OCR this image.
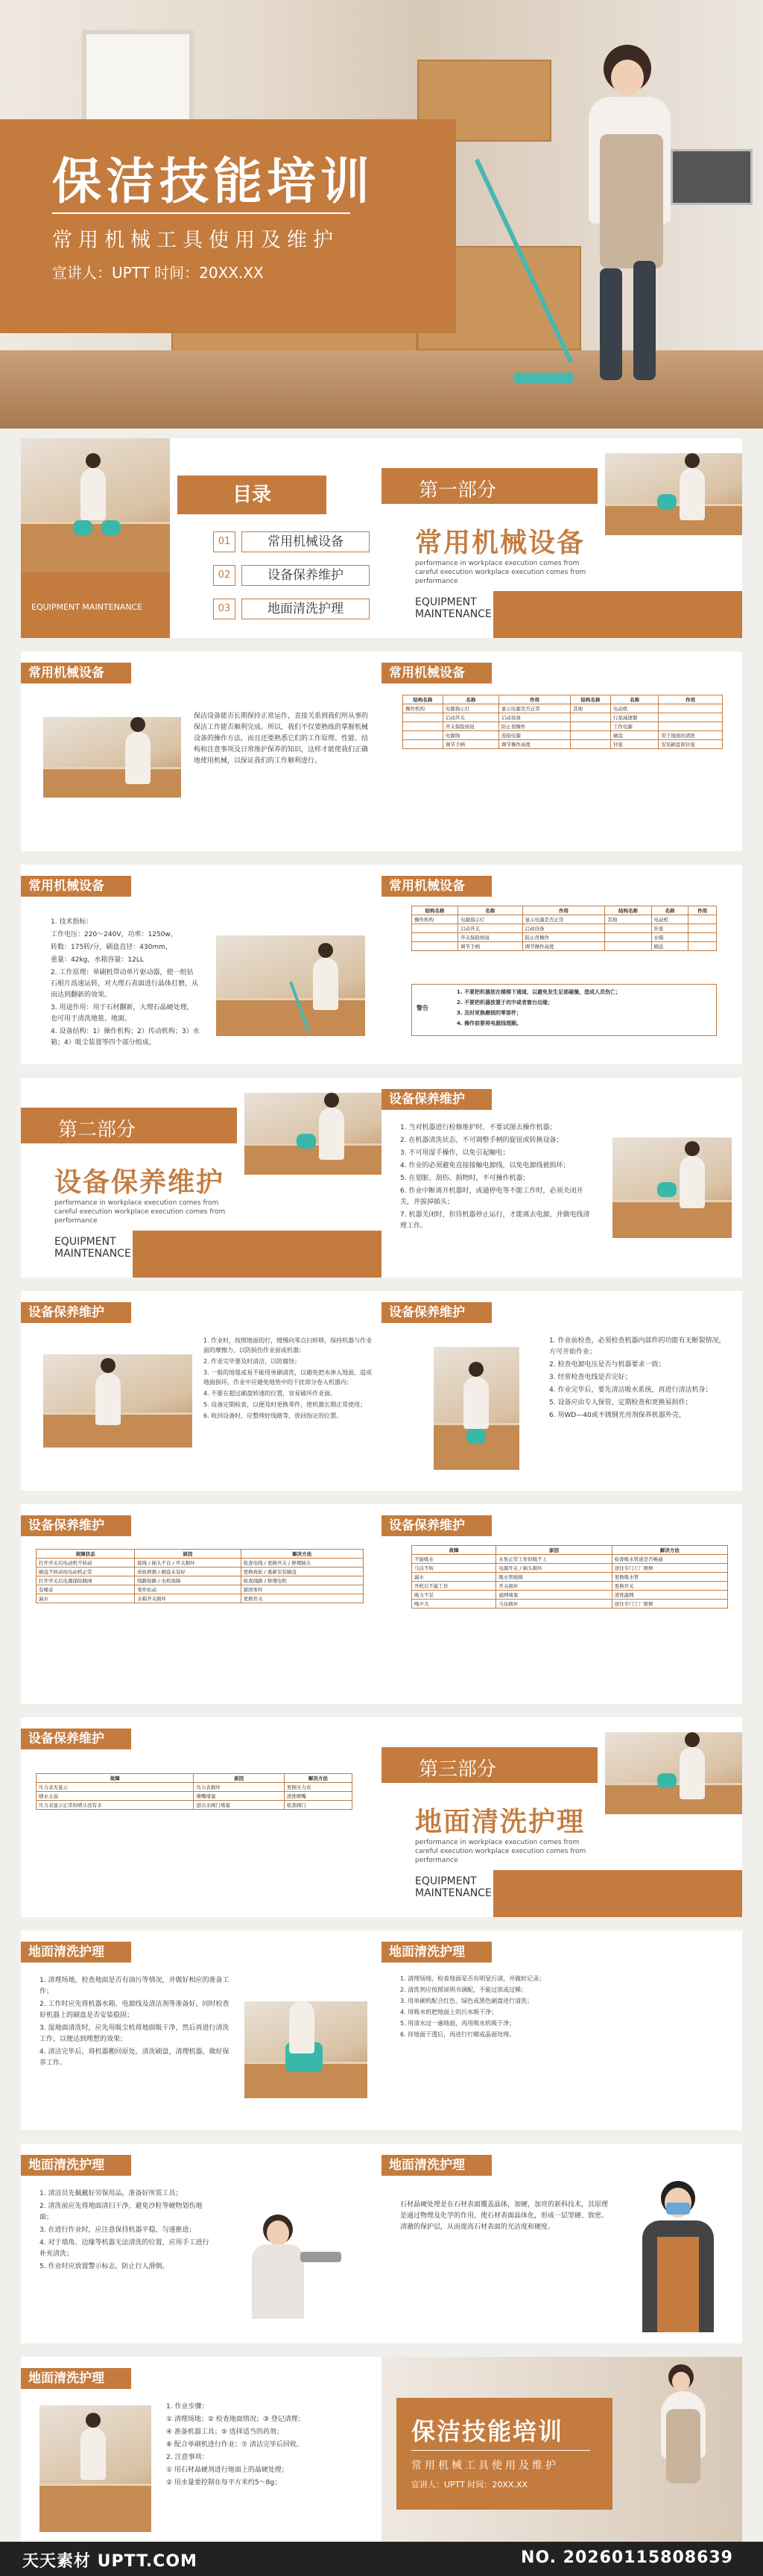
保洁技能培训
常用机械工具使用及维护
宣讲人：UPTT 时间：20XX.XX
EQUIPMENT MAINTENANCE
目录
01	常用机械设备
02	设备保养维护
03	地面清洗护理
第一部分
常用机械设备
performance in workplace execution comes from careful execution workplace execution comes from performance
EQUIPMENT
MAINTENANCE
常用机械设备
保洁设备能否长期保持正常运作，直接关系到我们所从事的保洁工作能否顺利完成。所以，我们不仅要熟练的掌握机械设备的操作方法，而且还要熟悉它们的工作原理、性能、结构和注意事项及日常维护保养的知识，这样才能使我们正确地使用机械，以保证我们的工作顺利进行。
常用机械设备
结构名称	名称	作用	结构名称	名称	作用
操作机构	电源指示灯	显示电源是否正常	其他	电动机	
	启动开关	启动设备		行星减速器	
	开关保险按钮	防止误操作		工作电源	
	电源线	连接电源		刷盘	用于地面的清洗
	调节手柄	调节操作高度		针座	安装刷盘和针座
常用机械设备

1. 技术指标：

工作电压：220～240V，功率：1250w，

转数：175转/分，刷盘直径：430mm，

重量：42kg，水箱容量：12LL

2. 工作原理：单刷机带动单片驱动器，使一组钻石根片高速运转，对大理石表面进行晶体打磨，从而达到翻新的效果。

3. 用途作用：用于石材翻新，大理石晶硬处理，也可用于清洗地毯、地面。

4. 设备结构：1）操作机构；2）传动机构；3）水箱；4）吸尘装置等四个部分组成。

常用机械设备
结构名称	名称	作用	结构名称	名称	作用
操作机构	电源指示灯	显示电源是否正常	其他	电动机	
	启动开关	启动设备		针座	
	开关保险按钮	防止误操作		水箱	
	调节手柄	调节操作高度		刷盘	
警告

1. 不要把机器放在楼梯下通道，以避免发生足部碰撞，造成人员伤亡；

2. 不要把机器放置于坑中或者窗台边缘；

3. 及时更换磨损的零部件；

4. 操作前要将电源线理顺。

第二部分
设备保养维护
performance in workplace execution comes from careful execution workplace execution comes from performance
EQUIPMENT
MAINTENANCE
设备保养维护

1. 当对机器进行检修维护时，不要试图去操作机器；

2. 在机器清洗状态，不可调整手柄的旋钮或转换设备；

3. 不可用湿手操作，以免引起触电；

4. 作业的必须避免直接接触电源线，以免电源线被损坏；

5. 在划脏、刮伤、损物时，不可操作机器；

6. 作业中断离开机器时，或通停电等不能工作时，必须关闭开关，并拔掉插头；

7. 机器关闭时，但待机器停止运行，才能离去电源，并做电线清理工作。

设备保养维护

1. 作业时，按照地面的打，缓慢向零点扫转移，保持机器与作业面的摩擦力，以防损伤作业面或机器；

2. 作业完毕要及时清洁，以防腐蚀；

3. 一般的地毯或易不能用单刷清洗，以避免把水渗入地面，造成地面损坏，作业中应避免地垫中的干扰部分卷入机器内；

4. 不要在超过刷盘转速的位置，容易破坏作业面。

5. 设备定期检查，以便及时更换零件，使机器长期正常使用；

6. 收回设备时，应整理好线路等，放回指定的位置。

设备保养维护

1. 作业前检查，必须检查机器内部件的功能有无断裂情况，方可开始作业；

2. 检查电源电压是否与机器要求一致；

3. 经常检查电线是否完好；

4. 作业完毕后，要先清洁吸水系统，再进行清洁机身；

5. 设备应由专人保管，定期检查和更换易损件；

6. 用WD—40或不锈钢光亮剂保养机器外壳。

设备保养维护
故障状态	原因	解决方法
打开开关后电动机不转动	接线 / 插头不良 / 开关损坏	检查电线 / 更换开关 / 修理插头
刷盘不转动而电动机正常	齿轮磨损 / 刷盘未装好	更换齿轮 / 重新安装刷盘
打开开关后电源保险跳闸	线路短路 / 电机故障	检查线路 / 修理电机
有噪音	零件松动	紧固零件
漏水	水箱开关损坏	更换开关
设备保养维护
故障	原因	解决方法
不能吸水	水泵正常工作但吸不上	检查吸水管道是否畅通
马达不转	电源开关 / 插头损坏	送往专门工厂维修
漏水	吸水管破损	更换吸水管
开机后不能工作	开关损坏	更换开关
吸力不足	滤网堵塞	清洗滤网
噪声大	马达损坏	送往专门工厂维修
设备保养维护
故障	原因	解决方法
压力表无显示	压力表损坏	更换压力表
喷水太弱	喷嘴堵塞	清洗喷嘴
压力表显示正常但喷头没有水	进出水阀门堵塞	检查阀门
第三部分
地面清洗护理
performance in workplace execution comes from careful execution workplace execution comes from performance
EQUIPMENT
MAINTENANCE
地面清洗护理

1. 清理场地，检查地面是否有油污等情况，并做好相应的准备工作；

2. 工作时应先将机器水箱、电源线及清洁剂等准备好，同时检查好机器上的刷盘是否安装稳固；

3. 湿地面清洗时，应先用吸尘机将地面吸干净，然后再进行清洗工作，以便达到理想的效果；

4. 清洁完毕后，将机器搬回原处，清洗刷盘，清理机器，做好保养工作。

地面清洗护理

1. 清理场地，检查地面是否有明显污渍，并做好记录；

2. 清洗剂应按照说明书调配，不能过浓或过稀；

3. 用单刷机配合红色、绿色或黑色刷盘进行清洗；

4. 用吸水机把地面上的污水吸干净；

5. 用清水过一遍地面，再用吸水机吸干净；

6. 待地面干透后，再进行打蜡或晶面处理。

地面清洗护理

1. 清洁员先佩戴好劳保用品，准备好所需工具；

2. 清洗前应先将地面清扫干净，避免沙粒等硬物划伤地面；

3. 在进行作业时，应注意保持机器平稳，匀速推进；

4. 对于墙角、边缘等机器无法清洗的位置，应用手工进行补充清洗；

5. 作业时应放置警示标志，防止行人滑倒。

地面清洗护理
石材晶硬处理是在石材表面覆盖晶体，加硬，加亮的新科技术，其原理是通过物理及化学的作用，使石材表面晶体化，形成一层坚硬、致密、清澈的保护层，从而提高石材表面的光洁度和硬度。
地面清洗护理

1. 作业步骤：

① 清理场地；② 检查地面情况；③ 登记清理；

④ 准备机器工具；⑤ 选择适当的药剂；

⑥ 配合单刷机进行作业；⑦ 清洁完毕后回收。

2. 注意事项：

① 用石材晶硬剂进行地面上的晶硬处理；

② 用水量要控制在每平方米约5～8g；

保洁技能培训
常用机械工具使用及维护
宣讲人：UPTT 时间：20XX.XX
天天素材 UPTT.COM	NO. 20260115808639
